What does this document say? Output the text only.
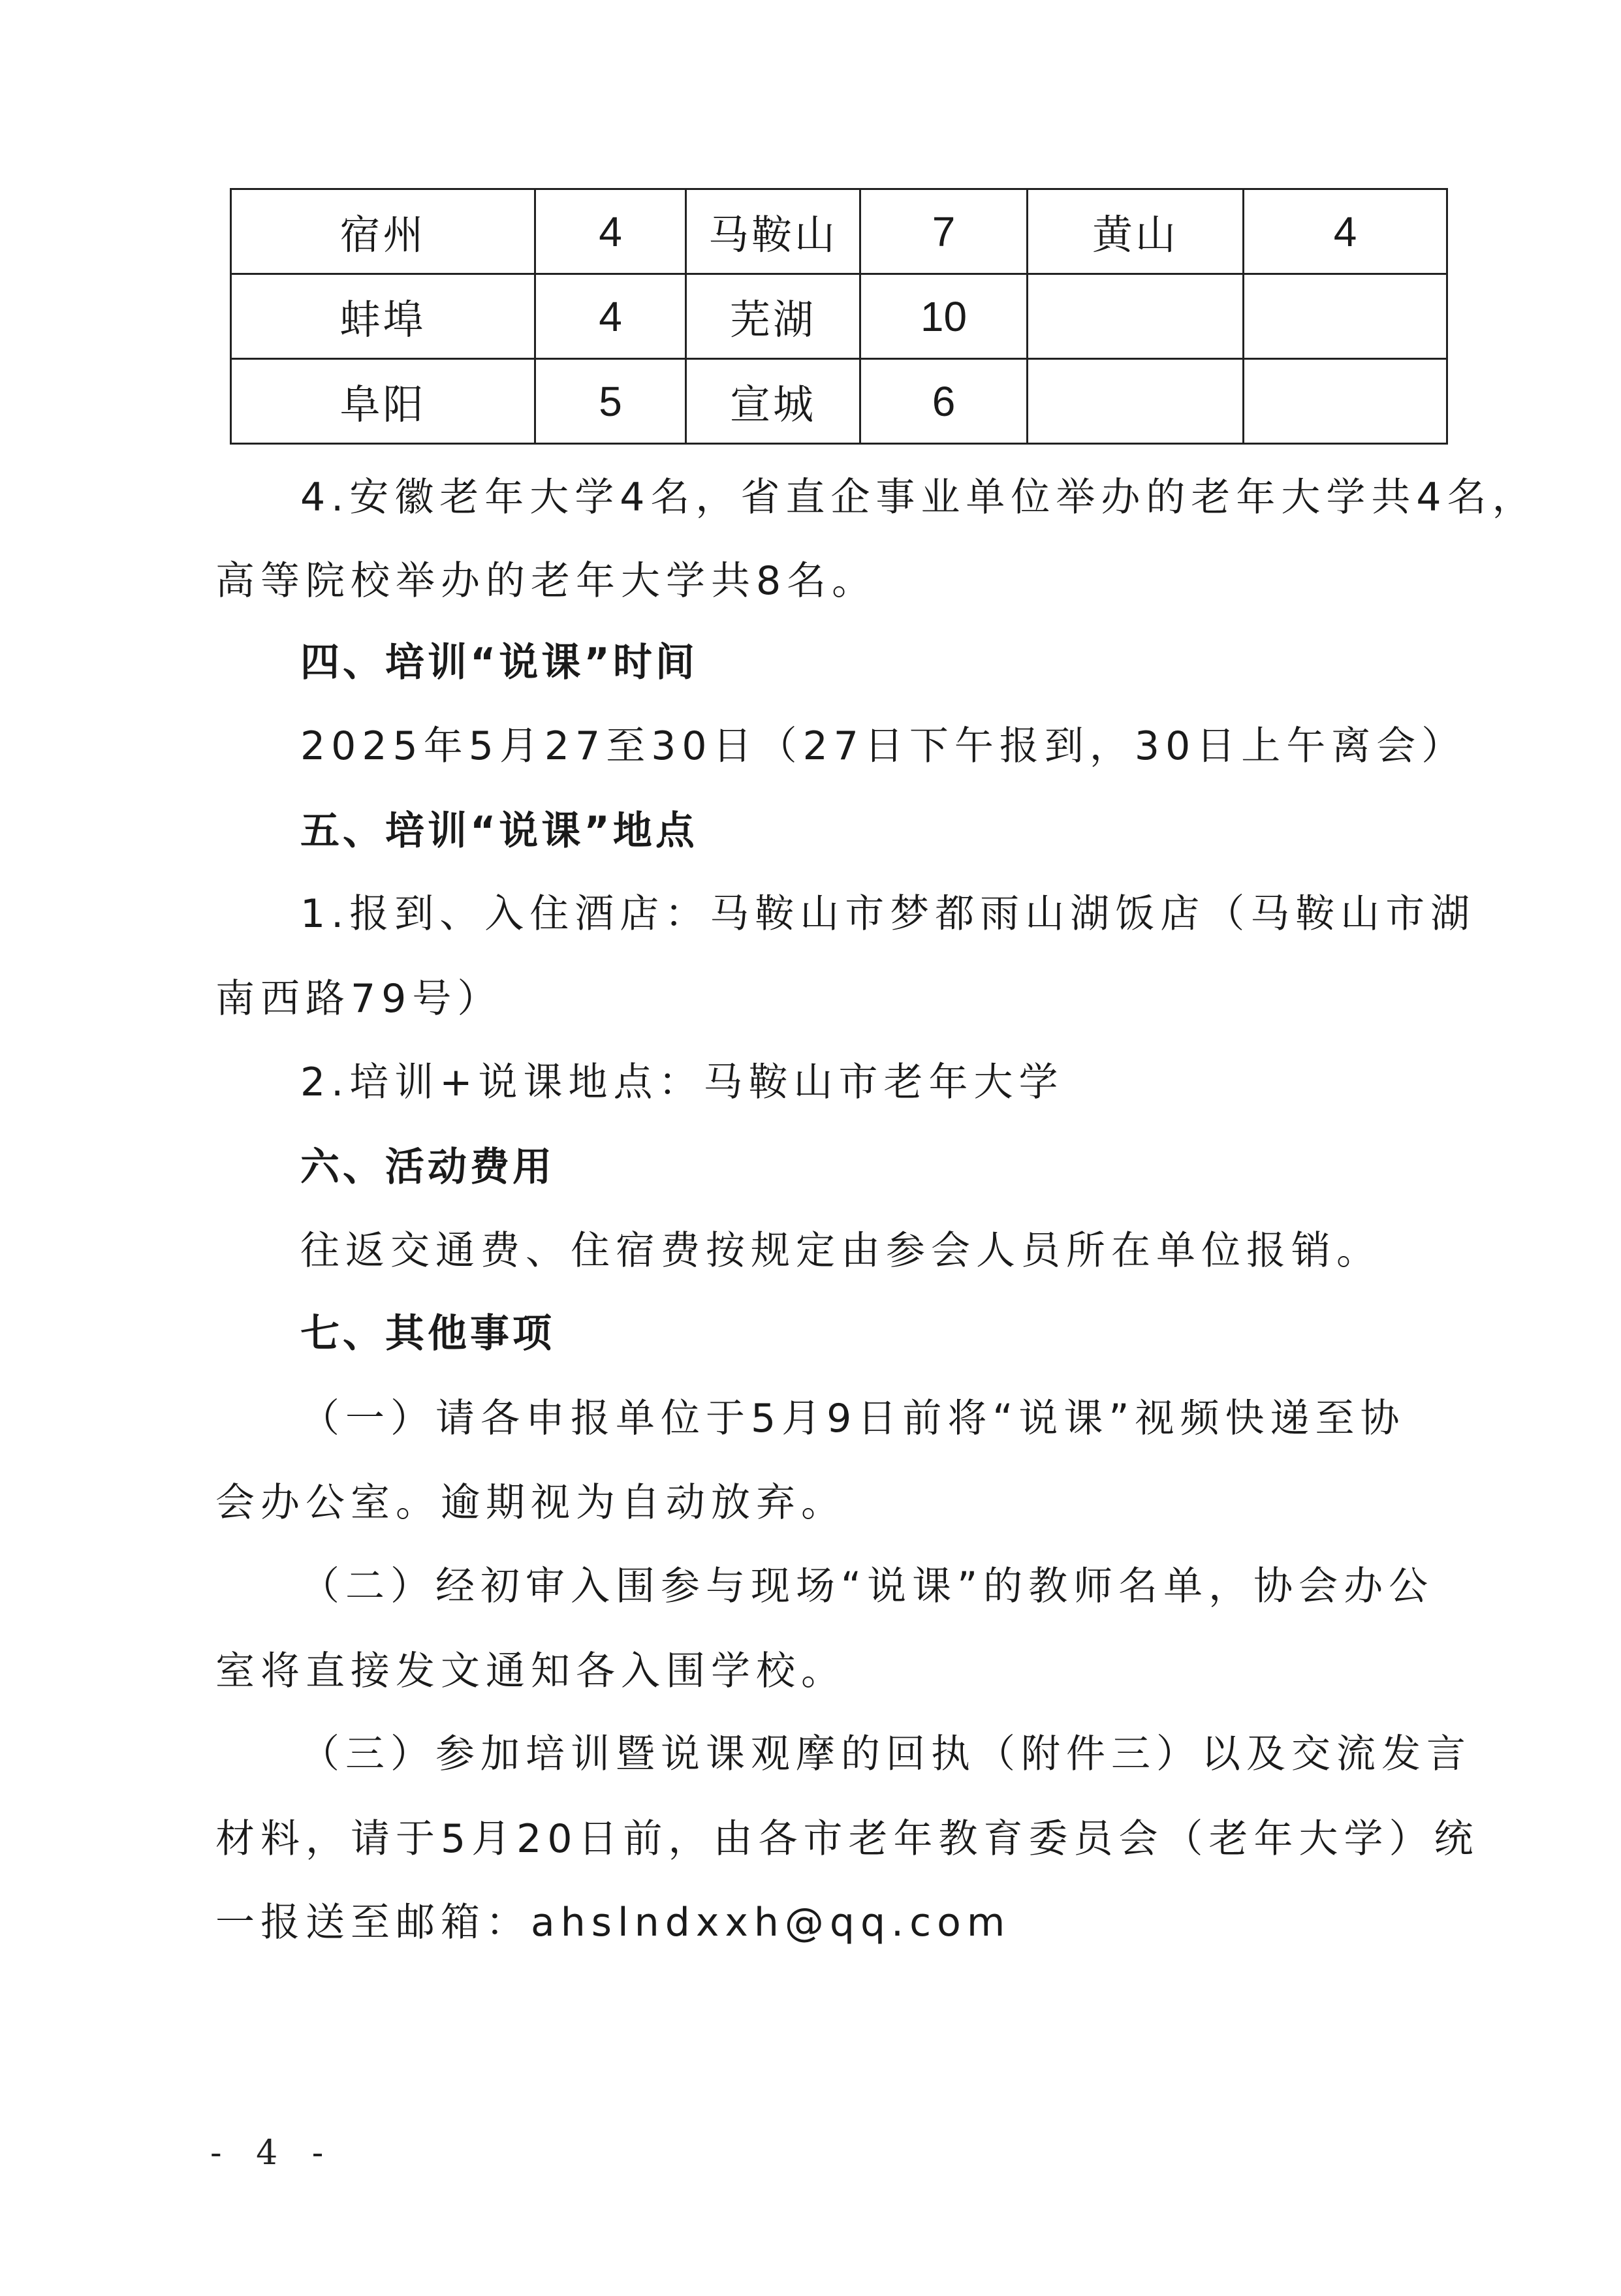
宿州	4	马鞍山	7	黄山	4
蚌埠	4	芜湖	10		
阜阳	5	宣城	6		
4.安徽老年大学4名，省直企事业单位举办的老年大学共4名，
高等院校举办的老年大学共8名。
四、培训“说课”时间
2025年5月27至30日（27日下午报到，30日上午离会）
五、培训“说课”地点
1.报到、入住酒店：马鞍山市梦都雨山湖饭店（马鞍山市湖
南西路79号）
2.培训+说课地点：马鞍山市老年大学
六、活动费用
往返交通费、住宿费按规定由参会人员所在单位报销。
七、其他事项
（一）请各申报单位于5月9日前将“说课”视频快递至协
会办公室。逾期视为自动放弃。
（二）经初审入围参与现场“说课”的教师名单，协会办公
室将直接发文通知各入围学校。
（三）参加培训暨说课观摩的回执（附件三）以及交流发言
材料，请于5月20日前，由各市老年教育委员会（老年大学）统
一报送至邮箱：ahslndxxh@qq.com
- 4 -
